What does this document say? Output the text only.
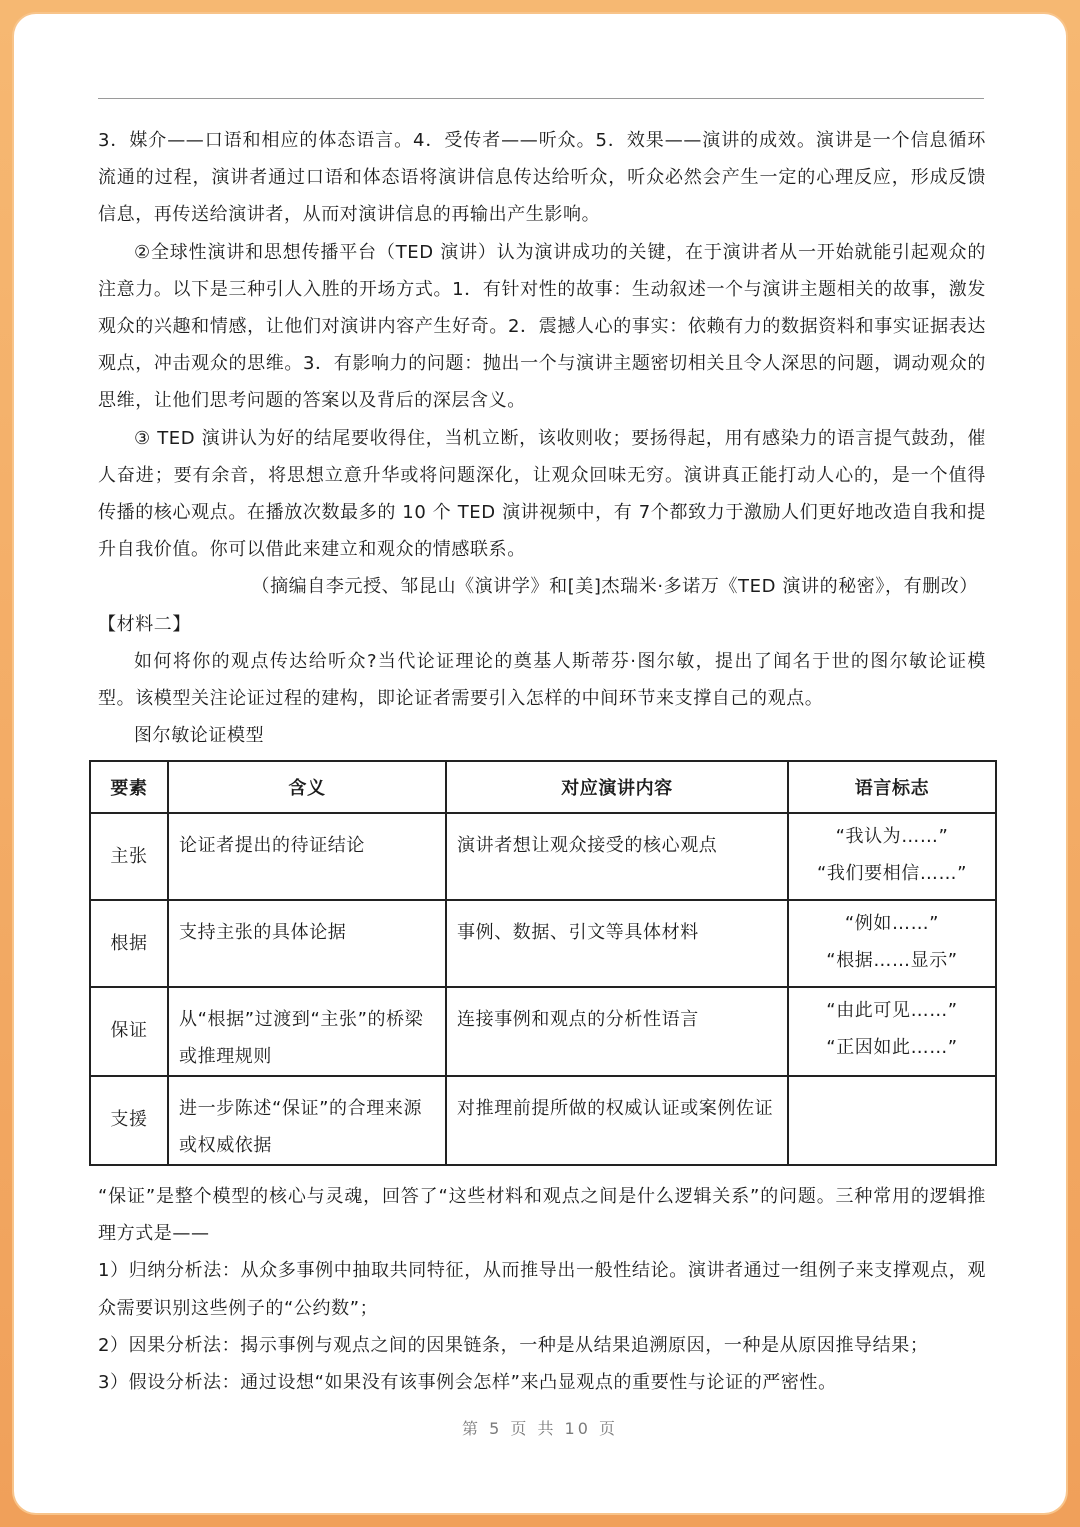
3．媒介——口语和相应的体态语言。4．受传者——听众。5．效果——演讲的成效。演讲是一个信息循环流通的过程，演讲者通过口语和体态语将演讲信息传达给听众，听众必然会产生一定的心理反应，形成反馈信息，再传送给演讲者，从而对演讲信息的再输出产生影响。

②全球性演讲和思想传播平台（TED 演讲）认为演讲成功的关键，在于演讲者从一开始就能引起观众的注意力。以下是三种引人入胜的开场方式。1．有针对性的故事：生动叙述一个与演讲主题相关的故事，激发观众的兴趣和情感，让他们对演讲内容产生好奇。2．震撼人心的事实：依赖有力的数据资料和事实证据表达观点，冲击观众的思维。3．有影响力的问题：抛出一个与演讲主题密切相关且令人深思的问题，调动观众的思维，让他们思考问题的答案以及背后的深层含义。

③ TED 演讲认为好的结尾要收得住，当机立断，该收则收；要扬得起，用有感染力的语言提气鼓劲，催人奋进；要有余音，将思想立意升华或将问题深化，让观众回味无穷。演讲真正能打动人心的，是一个值得传播的核心观点。在播放次数最多的 10 个 TED 演讲视频中，有 7个都致力于激励人们更好地改造自我和提升自我价值。你可以借此来建立和观众的情感联系。

（摘编自李元授、邹昆山《演讲学》和[美]杰瑞米·多诺万《TED 演讲的秘密》，有删改）

【材料二】

如何将你的观点传达给听众?当代论证理论的奠基人斯蒂芬·图尔敏，提出了闻名于世的图尔敏论证模型。该模型关注论证过程的建构，即论证者需要引入怎样的中间环节来支撑自己的观点。

图尔敏论证模型

要素	含义	对应演讲内容	语言标志

主张	论证者提出的待证结论	演讲者想让观众接受的核心观点	“我认为……”
“我们要相信……”

根据	支持主张的具体论据	事例、数据、引文等具体材料	“例如……”
“根据……显示”

保证	从“根据”过渡到“主张”的桥梁或推理规则	连接事例和观点的分析性语言	“由此可见……”
“正因如此……”

支援	进一步陈述“保证”的合理来源或权威依据	对推理前提所做的权威认证或案例佐证	

“保证”是整个模型的核心与灵魂，回答了“这些材料和观点之间是什么逻辑关系”的问题。三种常用的逻辑推理方式是——

1）归纳分析法：从众多事例中抽取共同特征，从而推导出一般性结论。演讲者通过一组例子来支撑观点，观众需要识别这些例子的“公约数”；

2）因果分析法：揭示事例与观点之间的因果链条，一种是从结果追溯原因，一种是从原因推导结果；

3）假设分析法：通过设想“如果没有该事例会怎样”来凸显观点的重要性与论证的严密性。

第 5 页 共 10 页
